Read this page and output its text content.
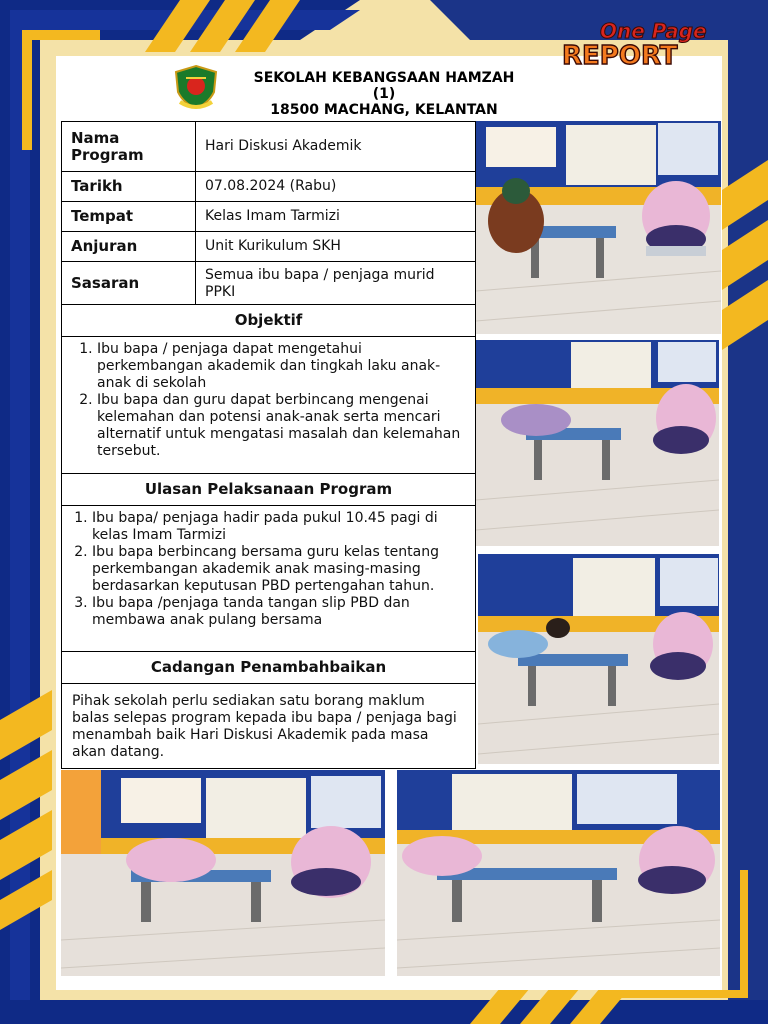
SEKOLAH KEBANGSAAN HAMZAH
(1)
18500 MACHANG, KELANTAN
One Page
REPORT
Nama Program	Hari Diskusi Akademik
Tarikh	07.08.2024 (Rabu)
Tempat	Kelas Imam Tarmizi
Anjuran	Unit Kurikulum SKH
Sasaran	Semua ibu bapa / penjaga murid PPKI
Objektif
1. Ibu bapa / penjaga dapat mengetahui perkembangan akademik dan tingkah laku anak-anak di sekolah
2. Ibu bapa dan guru dapat berbincang mengenai kelemahan dan potensi anak-anak serta mencari alternatif untuk mengatasi masalah dan kelemahan tersebut.
Ulasan Pelaksanaan Program
1. Ibu bapa/ penjaga hadir pada pukul 10.45 pagi di kelas Imam Tarmizi
2. Ibu bapa berbincang bersama guru kelas tentang perkembangan akademik anak masing-masing berdasarkan keputusan PBD pertengahan tahun.
3. Ibu bapa /penjaga tanda tangan slip PBD dan membawa anak pulang bersama
Cadangan Penambahbaikan
Pihak sekolah perlu sediakan satu borang maklum balas selepas program kepada ibu bapa / penjaga bagi menambah baik Hari Diskusi Akademik pada masa akan datang.
